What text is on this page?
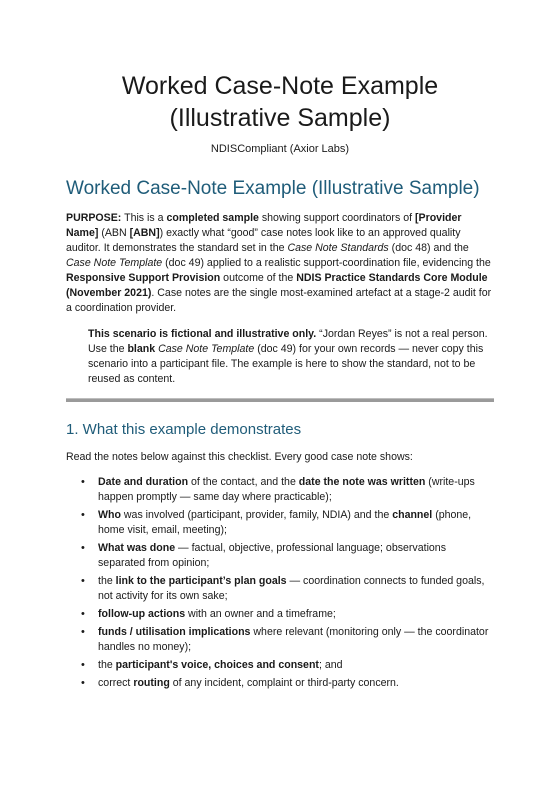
Worked Case-Note Example (Illustrative Sample)
NDISCompliant (Axior Labs)
Worked Case-Note Example (Illustrative Sample)

PURPOSE: This is a completed sample showing support coordinators of [Provider Name] (ABN [ABN]) exactly what “good” case notes look like to an approved quality auditor. It demonstrates the standard set in the Case Note Standards (doc 48) and the Case Note Template (doc 49) applied to a realistic support-coordination file, evidencing the Responsive Support Provision outcome of the NDIS Practice Standards Core Module (November 2021). Case notes are the single most-examined artefact at a stage-2 audit for a coordination provider.

This scenario is fictional and illustrative only. “Jordan Reyes” is not a real person. Use the blank Case Note Template (doc 49) for your own records — never copy this scenario into a participant file. The example is here to show the standard, not to be reused as content.

1. What this example demonstrates

Read the notes below against this checklist. Every good case note shows:

• Date and duration of the contact, and the date the note was written (write-ups happen promptly — same day where practicable);
• Who was involved (participant, provider, family, NDIA) and the channel (phone, home visit, email, meeting);
• What was done — factual, objective, professional language; observations separated from opinion;
• the link to the participant’s plan goals — coordination connects to funded goals, not activity for its own sake;
• follow-up actions with an owner and a timeframe;
• funds / utilisation implications where relevant (monitoring only — the coordinator handles no money);
• the participant's voice, choices and consent; and
• correct routing of any incident, complaint or third-party concern.
